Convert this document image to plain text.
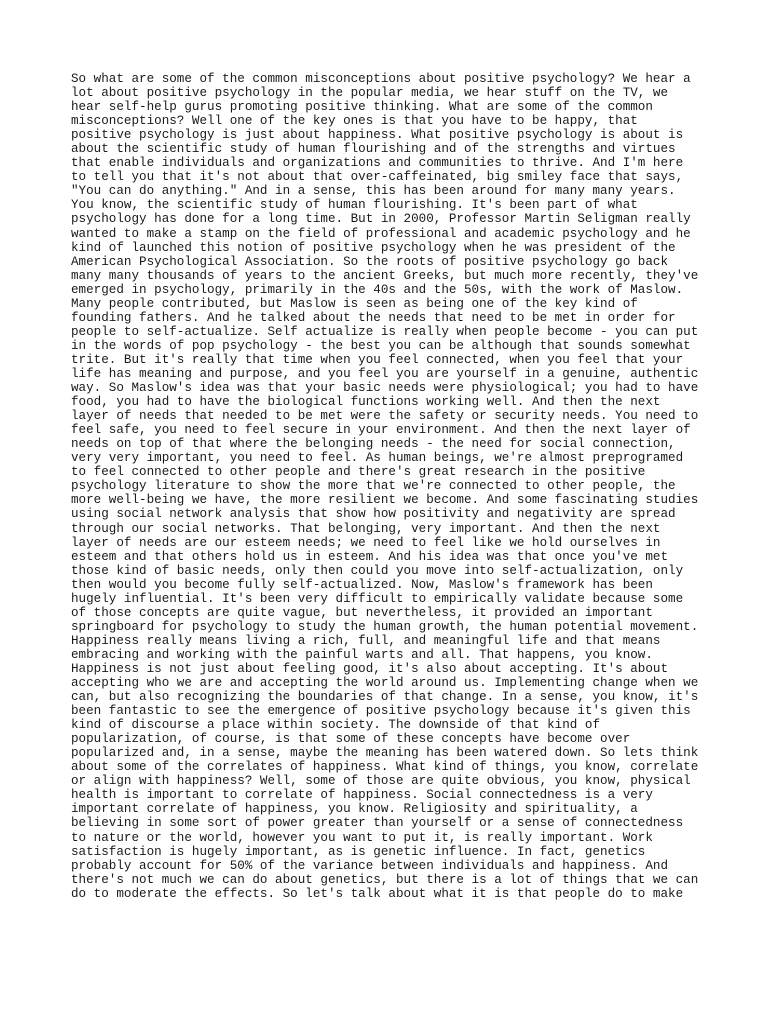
So what are some of the common misconceptions about positive psychology? We hear a
lot about positive psychology in the popular media, we hear stuff on the TV, we
hear self-help gurus promoting positive thinking. What are some of the common
misconceptions? Well one of the key ones is that you have to be happy, that
positive psychology is just about happiness. What positive psychology is about is
about the scientific study of human flourishing and of the strengths and virtues
that enable individuals and organizations and communities to thrive. And I'm here
to tell you that it's not about that over-caffeinated, big smiley face that says,
"You can do anything." And in a sense, this has been around for many many years.
You know, the scientific study of human flourishing. It's been part of what
psychology has done for a long time. But in 2000, Professor Martin Seligman really
wanted to make a stamp on the field of professional and academic psychology and he
kind of launched this notion of positive psychology when he was president of the
American Psychological Association. So the roots of positive psychology go back
many many thousands of years to the ancient Greeks, but much more recently, they've
emerged in psychology, primarily in the 40s and the 50s, with the work of Maslow.
Many people contributed, but Maslow is seen as being one of the key kind of
founding fathers. And he talked about the needs that need to be met in order for
people to self-actualize. Self actualize is really when people become - you can put
in the words of pop psychology - the best you can be although that sounds somewhat
trite. But it's really that time when you feel connected, when you feel that your
life has meaning and purpose, and you feel you are yourself in a genuine, authentic
way. So Maslow's idea was that your basic needs were physiological; you had to have
food, you had to have the biological functions working well. And then the next
layer of needs that needed to be met were the safety or security needs. You need to
feel safe, you need to feel secure in your environment. And then the next layer of
needs on top of that where the belonging needs - the need for social connection,
very very important, you need to feel. As human beings, we're almost preprogramed
to feel connected to other people and there's great research in the positive
psychology literature to show the more that we're connected to other people, the
more well-being we have, the more resilient we become. And some fascinating studies
using social network analysis that show how positivity and negativity are spread
through our social networks. That belonging, very important. And then the next
layer of needs are our esteem needs; we need to feel like we hold ourselves in
esteem and that others hold us in esteem. And his idea was that once you've met
those kind of basic needs, only then could you move into self-actualization, only
then would you become fully self-actualized. Now, Maslow's framework has been
hugely influential. It's been very difficult to empirically validate because some
of those concepts are quite vague, but nevertheless, it provided an important
springboard for psychology to study the human growth, the human potential movement.
Happiness really means living a rich, full, and meaningful life and that means
embracing and working with the painful warts and all. That happens, you know.
Happiness is not just about feeling good, it's also about accepting. It's about
accepting who we are and accepting the world around us. Implementing change when we
can, but also recognizing the boundaries of that change. In a sense, you know, it's
been fantastic to see the emergence of positive psychology because it's given this
kind of discourse a place within society. The downside of that kind of
popularization, of course, is that some of these concepts have become over
popularized and, in a sense, maybe the meaning has been watered down. So lets think
about some of the correlates of happiness. What kind of things, you know, correlate
or align with happiness? Well, some of those are quite obvious, you know, physical
health is important to correlate of happiness. Social connectedness is a very
important correlate of happiness, you know. Religiosity and spirituality, a
believing in some sort of power greater than yourself or a sense of connectedness
to nature or the world, however you want to put it, is really important. Work
satisfaction is hugely important, as is genetic influence. In fact, genetics
probably account for 50% of the variance between individuals and happiness. And
there's not much we can do about genetics, but there is a lot of things that we can
do to moderate the effects. So let's talk about what it is that people do to make
